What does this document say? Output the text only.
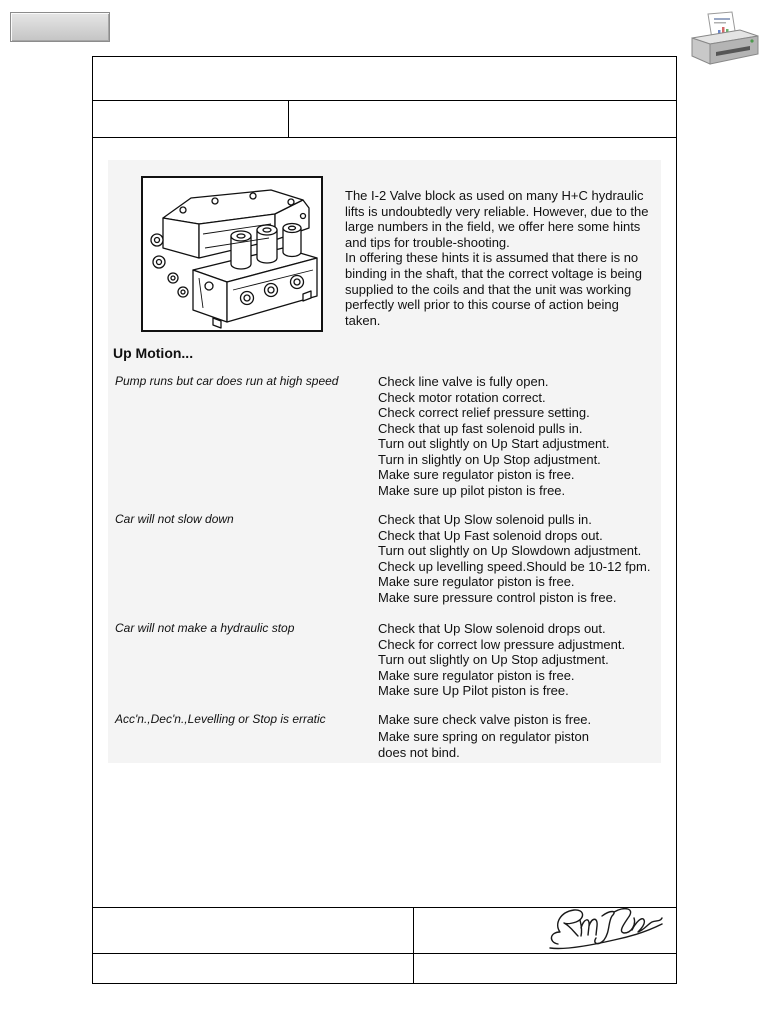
The I-2 Valve block as used on many H+C hydraulic
lifts is undoubtedly very reliable. However, due to the
large numbers in the field, we offer here some hints
and tips for trouble-shooting.
In offering these hints it is assumed that there is no
binding in the shaft, that the correct voltage is being
supplied to the coils and that the unit was working
perfectly well prior to this course of action being
taken.
Up Motion...
Pump runs but car does run at high speed	Check line valve is fully open.
Check motor rotation correct.
Check correct relief pressure setting.
Check that up fast solenoid pulls in.
Turn out slightly on Up Start adjustment.
Turn in slightly on Up Stop adjustment.
Make sure regulator piston is free.
Make sure up pilot piston is free.
Car will not slow down	Check that Up Slow solenoid pulls in.
Check that Up Fast solenoid drops out.
Turn out slightly on Up Slowdown adjustment.
Check up levelling speed.Should be 10-12 fpm.
Make sure regulator piston is free.
Make sure pressure control piston is free.
Car will not make a hydraulic stop	Check that Up Slow solenoid drops out.
Check for correct low pressure adjustment.
Turn out slightly on Up Stop adjustment.
Make sure regulator piston is free.
Make sure Up Pilot piston is free.
Acc'n.,Dec'n.,Levelling or Stop is erratic	Make sure check valve piston is free.
Make sure spring on regulator piston
does not bind.
